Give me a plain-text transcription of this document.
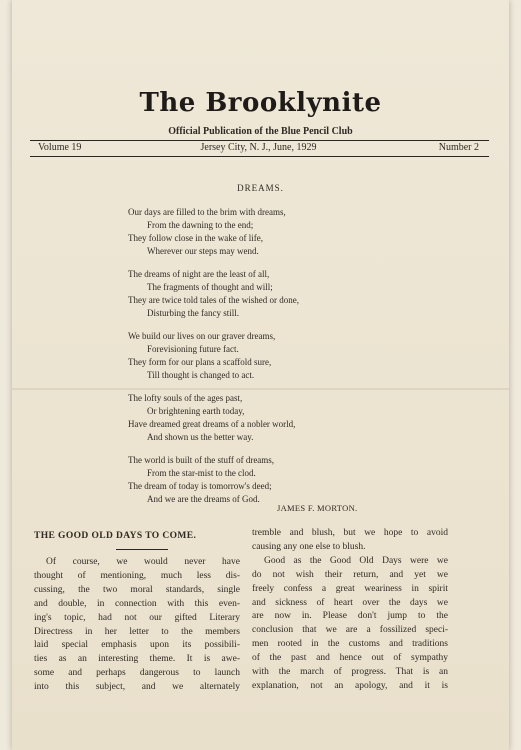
The Brooklynite
Official Publication of the Blue Pencil Club
Volume 19	Jersey City, N. J., June, 1929	Number 2
DREAMS.
Our days are filled to the brim with dreams,
From the dawning to the end;
They follow close in the wake of life,
Wherever our steps may wend.
The dreams of night are the least of all,
The fragments of thought and will;
They are twice told tales of the wished or done,
Disturbing the fancy still.
We build our lives on our graver dreams,
Forevisioning future fact.
They form for our plans a scaffold sure,
Till thought is changed to act.
The lofty souls of the ages past,
Or brightening earth today,
Have dreamed great dreams of a nobler world,
And shown us the better way.
The world is built of the stuff of dreams,
From the star-mist to the clod.
The dream of today is tomorrow's deed;
And we are the dreams of God.
JAMES F. MORTON.
THE GOOD OLD DAYS TO COME.
Of course, we would never have
thought of mentioning, much less dis-
cussing, the two moral standards, single
and double, in connection with this even-
ing's topic, had not our gifted Literary
Directress in her letter to the members
laid special emphasis upon its possibili-
ties as an interesting theme. It is awe-
some and perhaps dangerous to launch
into this subject, and we alternately
tremble and blush, but we hope to avoid
causing any one else to blush.
Good as the Good Old Days were we
do not wish their return, and yet we
freely confess a great weariness in spirit
and sickness of heart over the days we
are now in. Please don't jump to the
conclusion that we are a fossilized speci-
men rooted in the customs and traditions
of the past and hence out of sympathy
with the march of progress. That is an
explanation, not an apology, and it is
